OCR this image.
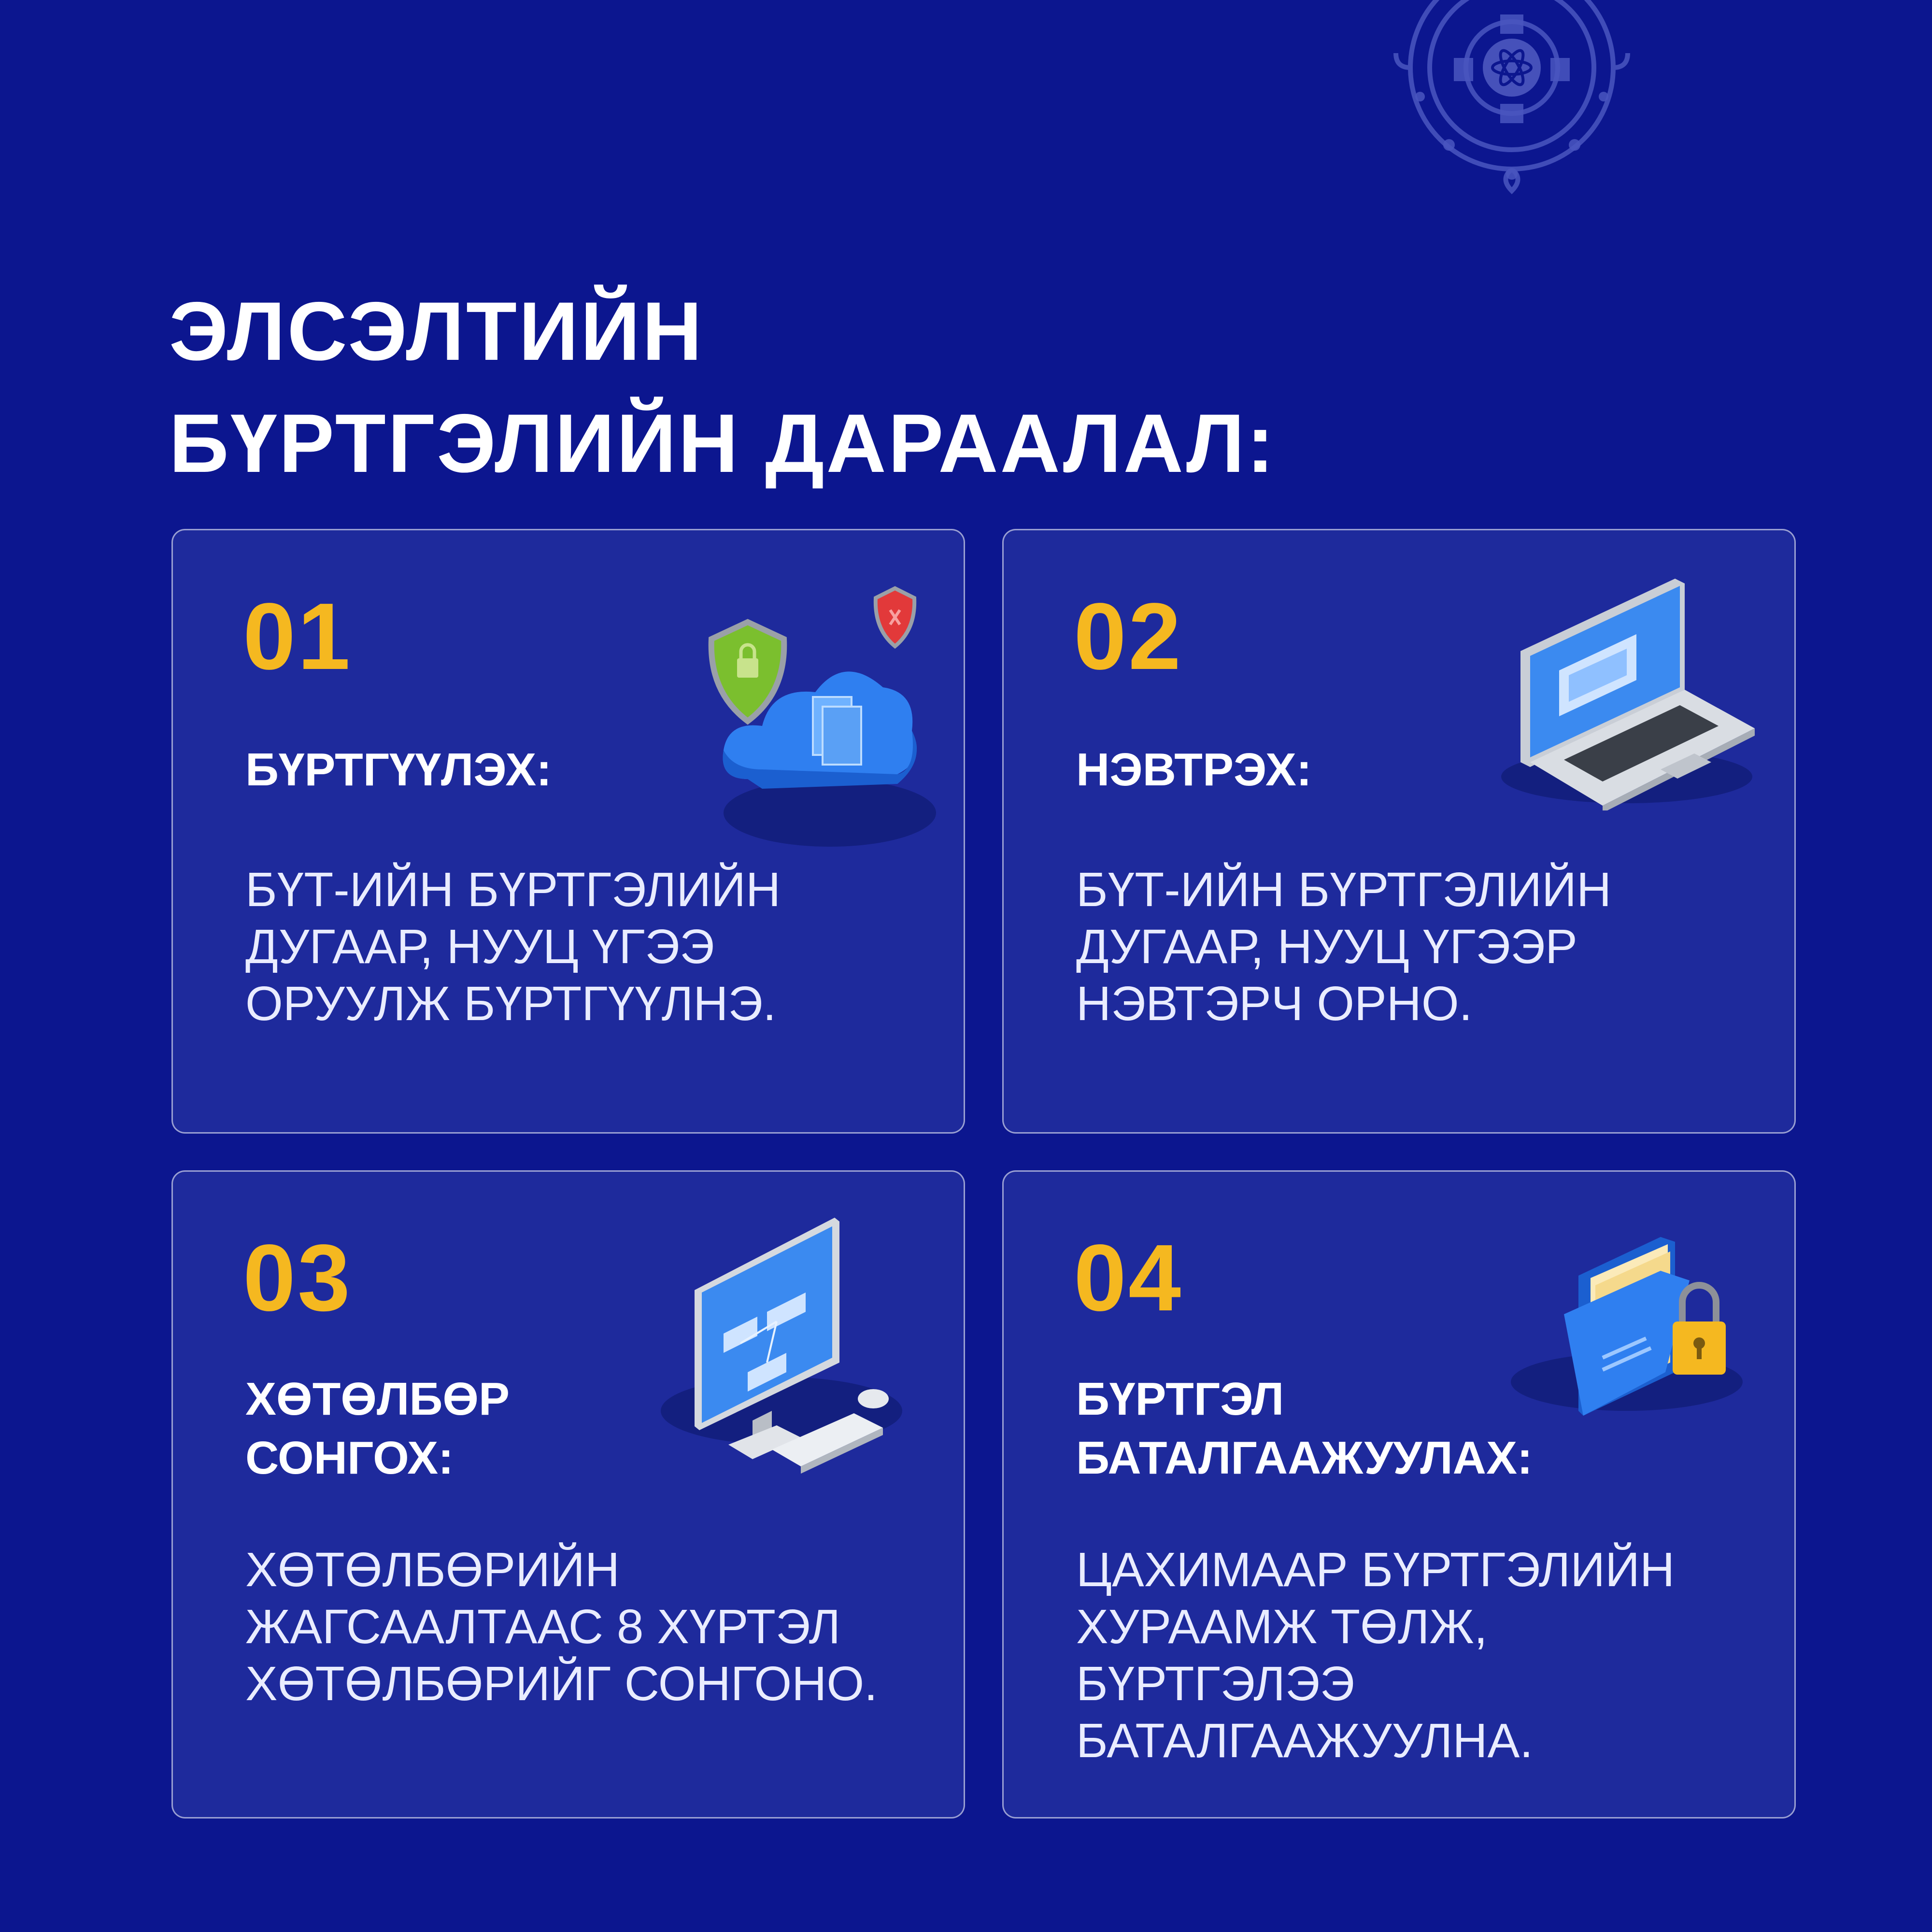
ЭЛСЭЛТИЙН
БҮРТГЭЛИЙН ДАРААЛАЛ:

01

БҮРТГҮҮЛЭХ:

БҮТ-ИЙН БҮРТГЭЛИЙН
ДУГААР, НУУЦ ҮГЭЭ
ОРУУЛЖ БҮРТГҮҮЛНЭ.

02

НЭВТРЭХ:

БҮТ-ИЙН БҮРТГЭЛИЙН
ДУГААР, НУУЦ ҮГЭЭР
НЭВТЭРЧ ОРНО.

03

ХӨТӨЛБӨР
СОНГОХ:

ХӨТӨЛБӨРИЙН
ЖАГСААЛТААС 8 ХҮРТЭЛ
ХӨТӨЛБӨРИЙГ СОНГОНО.

04

БҮРТГЭЛ
БАТАЛГААЖУУЛАХ:

ЦАХИМААР БҮРТГЭЛИЙН
ХУРААМЖ ТӨЛЖ,
БҮРТГЭЛЭЭ
БАТАЛГААЖУУЛНА.
